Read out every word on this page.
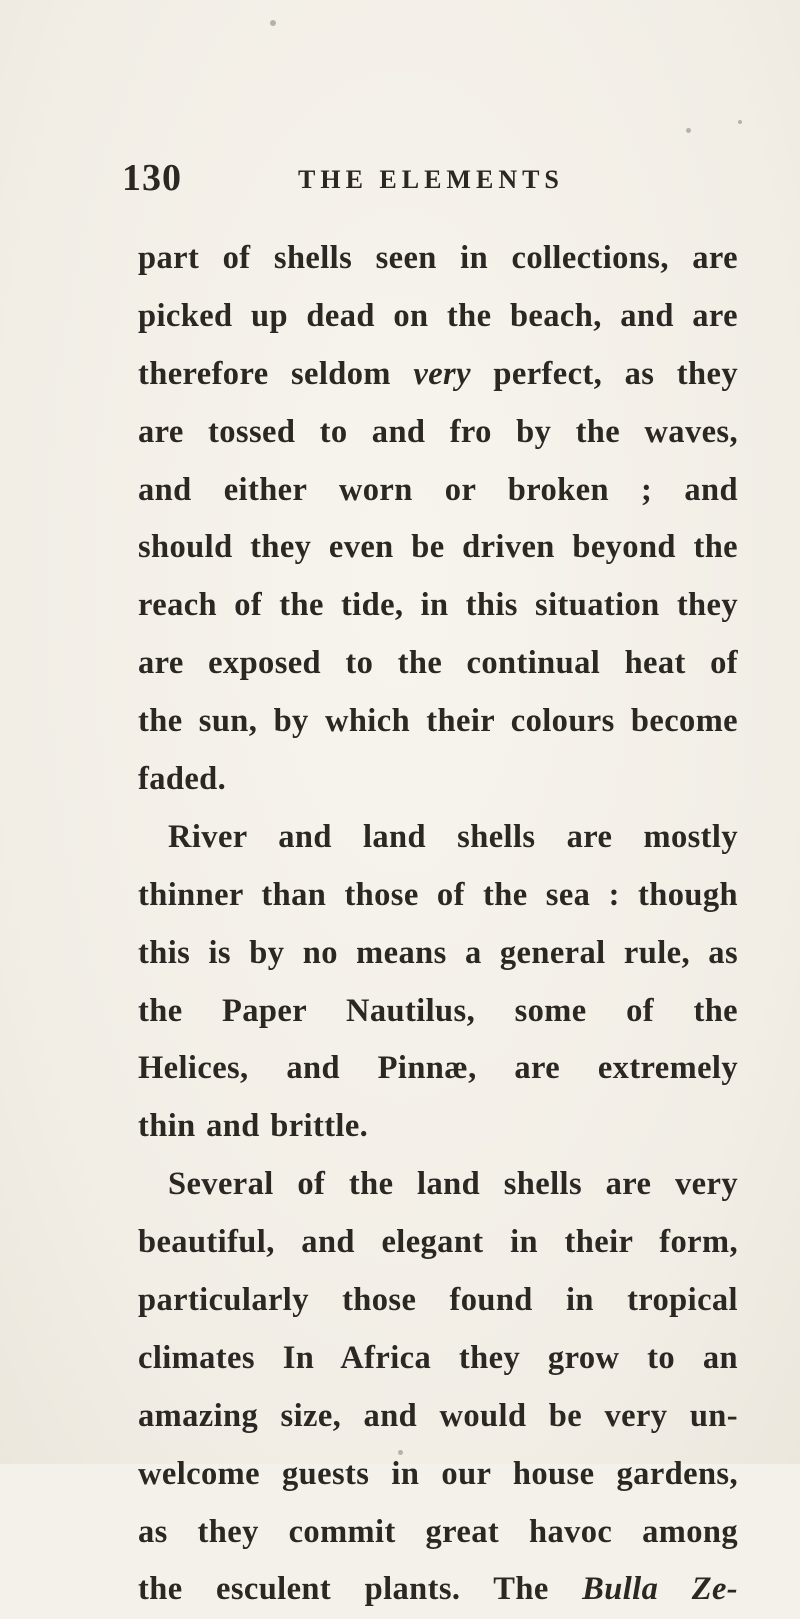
130	THE ELEMENTS
part of shells seen in collections, are
picked up dead on the beach, and are
therefore seldom very perfect, as they
are tossed to and fro by the waves,
and either worn or broken ; and
should they even be driven beyond the
reach of the tide, in this situation they
are exposed to the continual heat of
the sun, by which their colours become
faded.
River and land shells are mostly
thinner than those of the sea : though
this is by no means a general rule, as
the Paper Nautilus, some of the
Helices, and Pinnæ, are extremely
thin and brittle.
Several of the land shells are very
beautiful, and elegant in their form,
particularly those found in tropical
climates In Africa they grow to an
amazing size, and would be very un-
welcome guests in our house gardens,
as they commit great havoc among
the esculent plants. The Bulla Ze-
